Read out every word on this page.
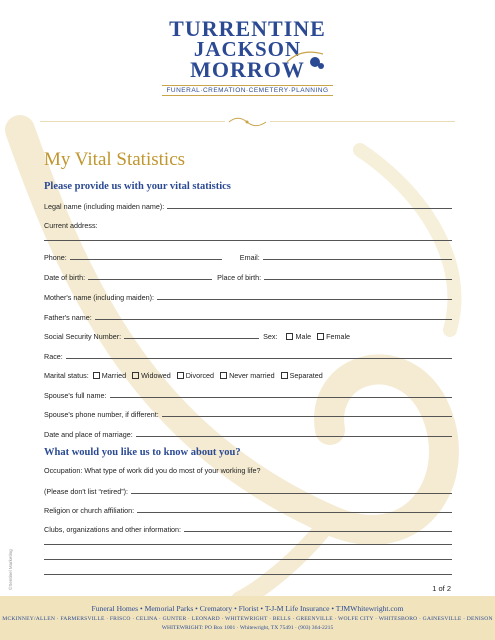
TURRENTINE
JACKSON
MORROW
FUNERAL·CREMATION·CEMETERY·PLANNING
My Vital Statistics
Please provide us with your vital statistics
Legal name (including maiden name):
Current address:
Phone:	Email:
Date of birth:	Place of birth:
Mother's name (including maiden):
Father's name:
Social Security Number:	Sex:	Male Female
Race:
Marital status:	Married Widowed Divorced Never married Separated
Spouse's full name:
Spouse's phone number, if different:
Date and place of marriage:
What would you like us to know about you?
Occupation: What type of work did you do most of your working life?
(Please don't list “retired”):
Religion or church affiliation:
Clubs, organizations and other information:
1 of 2
©Sentinel Marketing
Funeral Homes • Memorial Parks • Crematory • Florist • T-J-M Life Insurance • TJMWhitewright.com
MCKINNEY/ALLEN · FARMERSVILLE · FRISCO · CELINA · GUNTER · LEONARD · WHITEWRIGHT · BELLS · GREENVILLE · WOLFE CITY · WHITESBORO · GAINESVILLE · DENISON
WHITEWRIGHT: PO Box 1001 · Whitewright, TX 75491 · (903) 364-2215
